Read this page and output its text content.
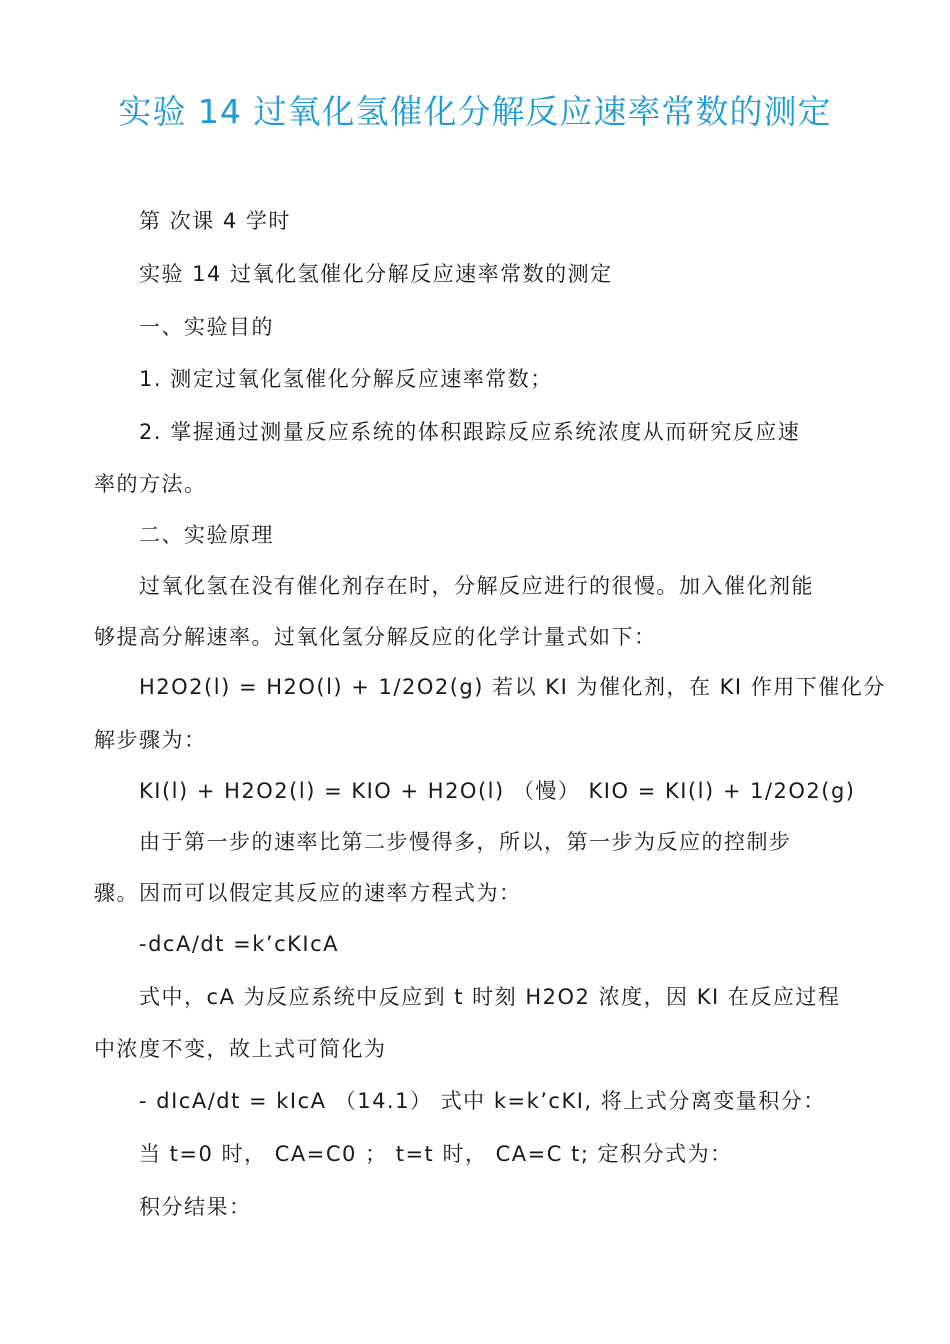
实验 14 过氧化氢催化分解反应速率常数的测定
第 次课 4 学时
实验 14 过氧化氢催化分解反应速率常数的测定
一、实验目的
1. 测定过氧化氢催化分解反应速率常数；
2. 掌握通过测量反应系统的体积跟踪反应系统浓度从而研究反应速
率的方法。
二、实验原理
过氧化氢在没有催化剂存在时，分解反应进行的很慢。加入催化剂能
够提高分解速率。过氧化氢分解反应的化学计量式如下：
H2O2(l) = H2O(l) + 1/2O2(g) 若以 KI 为催化剂，在 KI 作用下催化分
解步骤为：
KI(l) + H2O2(l) = KIO + H2O(l) （慢） KIO = KI(l) + 1/2O2(g)
由于第一步的速率比第二步慢得多，所以，第一步为反应的控制步
骤。因而可以假定其反应的速率方程式为：
-dcA/dt =k’cKIcA
式中，cA 为反应系统中反应到 t 时刻 H2O2 浓度，因 KI 在反应过程
中浓度不变，故上式可简化为
- dIcA/dt = kIcA （14.1） 式中 k=k’cKI, 将上式分离变量积分：
当 t=0 时， CA=C0 ； t=t 时， CA=C t; 定积分式为：
积分结果：
